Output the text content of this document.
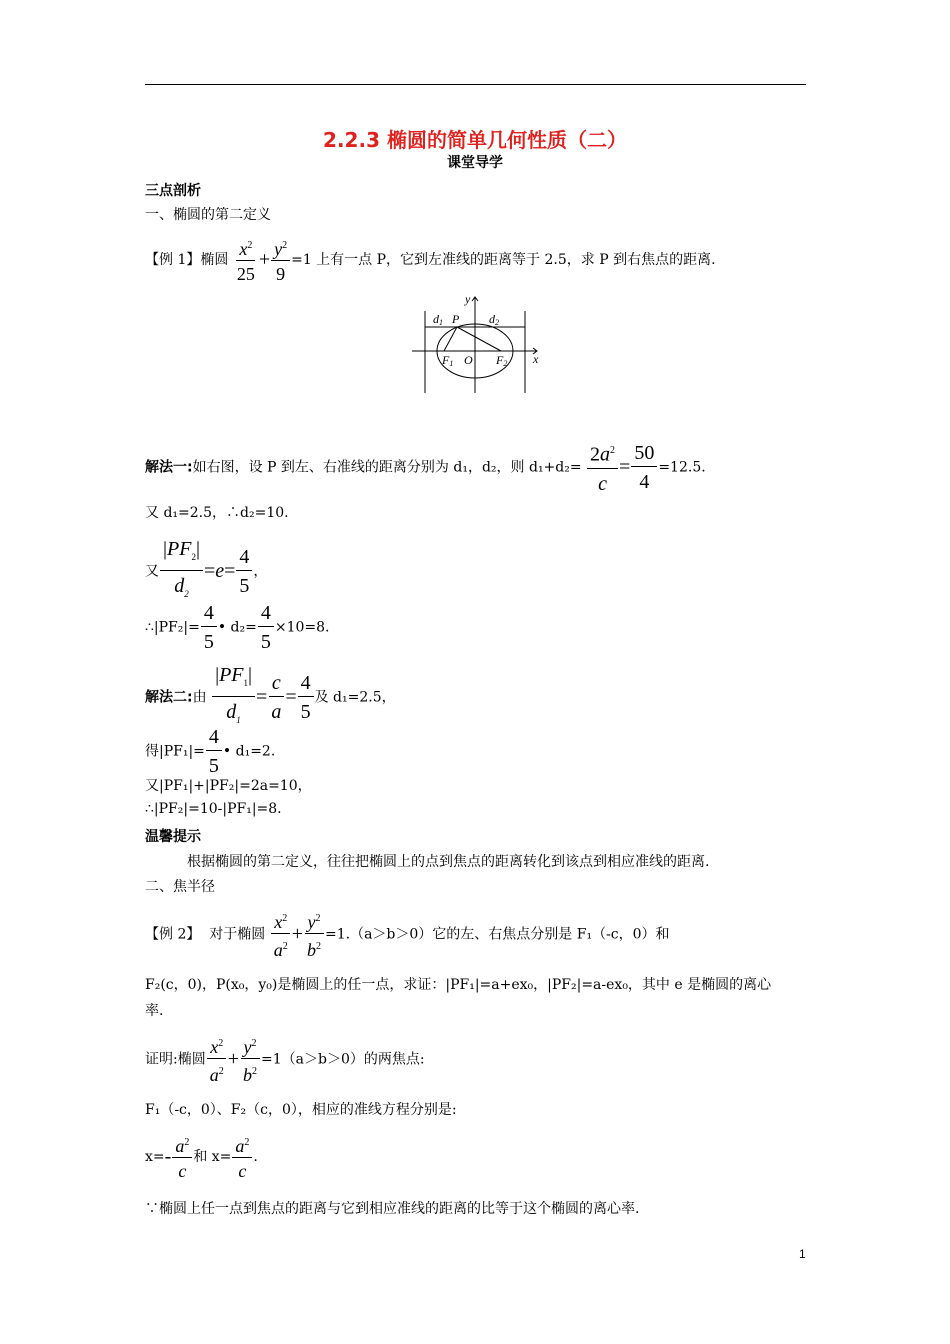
2.2.3 椭圆的简单几何性质（二）
课堂导学
三点剖析
一、椭圆的第二定义
【例 1】椭圆 $\frac{x^2}{25} + \frac{y^2}{9} =1$ 上有一点 P，它到左准线的距离等于 2.5，求 P 到右焦点的距离.
d1 P d2
F1 O F2 x
y
解法一:如右图，设 P 到左、右准线的距离分别为 d₁，d₂，则 $d_1+d_2= \frac{2a^2}{c} = \frac{50}{4} =12.5$.
又 d₁=2.5，∴d₂=10.
又 $\frac{|PF_2|}{d_2} =e= \frac{4}{5}$ ，
∴|PF₂|= $\frac{4}{5}$ • $d_2= \frac{4}{5} \times 10=8$.
解法二:由 $\frac{|PF_1|}{d_1} = \frac{c}{a} = \frac{4}{5}$ 及 d₁=2.5，
得$|PF_1|= \frac{4}{5}$ • d₁=2.
又|PF₁|+|PF₂|=2a=10，
∴|PF₂|=10-|PF₁|=8.
温馨提示
根据椭圆的第二定义，往往把椭圆上的点到焦点的距离转化到该点到相应准线的距离.
二、焦半径
【例 2】 对于椭圆 $\frac{x^2}{a^2} + \frac{y^2}{b^2} =1.(a>b>0)$它的左、右焦点分别是 F₁（-c，0）和
F₂(c，0)，P(x₀，y₀)是椭圆上的任一点，求证：|PF₁|=a+ex₀，|PF₂|=a-ex₀，其中 e 是椭圆的离心
率.
证明:椭圆 $\frac{x^2}{a^2} + \frac{y^2}{b^2} =1(a>b>0)$的两焦点:
F₁（-c，0）、F₂（c，0），相应的准线方程分别是:
$x=- \frac{a^2}{c}$ 和 $x= \frac{a^2}{c}$ .
∵椭圆上任一点到焦点的距离与它到相应准线的距离的比等于这个椭圆的离心率.
1
